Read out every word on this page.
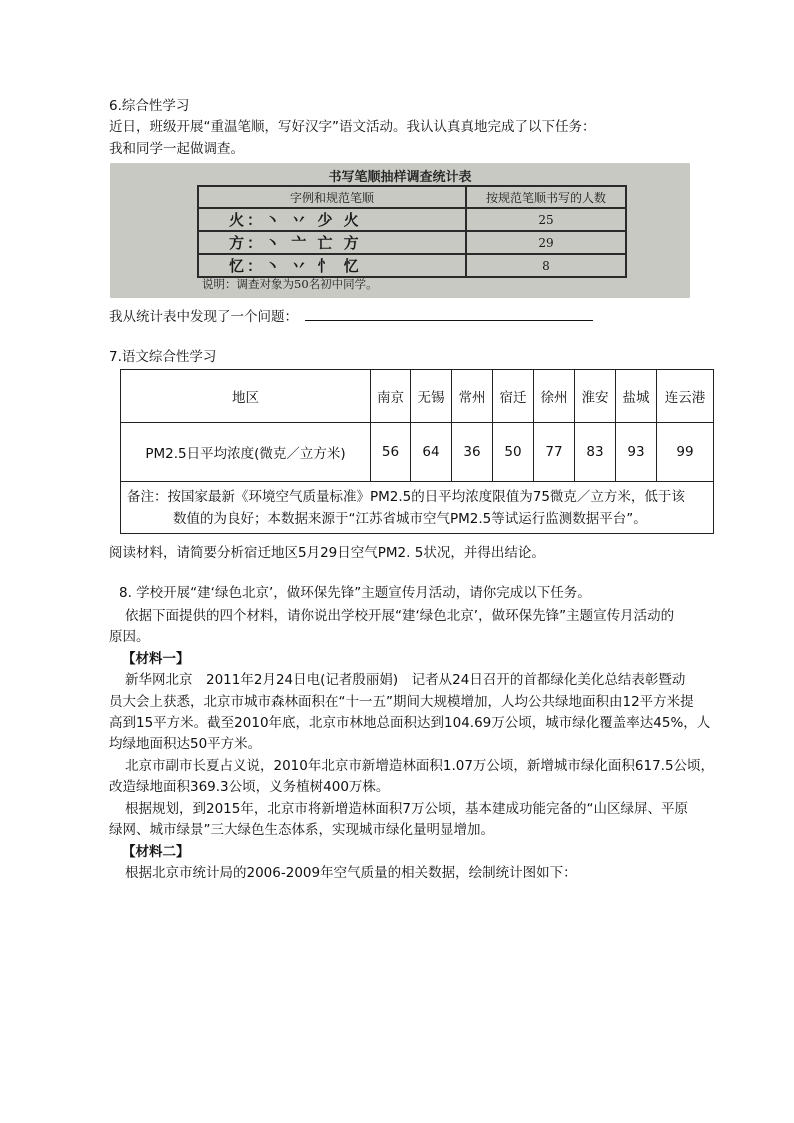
6.综合性学习
近日，班级开展“重温笔顺，写好汉字”语文活动。我认认真真地完成了以下任务：
我和同学一起做调查。
书写笔顺抽样调查统计表
字例和规范笔顺	按规范笔顺书写的人数
火：丶 丷 少 火	25
方：丶 亠 亡 方	29
忆：丶 丷 忄 忆	8
说明：调查对象为50名初中同学。
我从统计表中发现了一个问题：
7.语文综合性学习
地区	南京	无锡	常州	宿迁	徐州	淮安	盐城	连云港
PM2.5日平均浓度(微克／立方米)	56	64	36	50	77	83	93	99

备注：按国家最新《环境空气质量标准》PM2.5的日平均浓度限值为75微克／立方米，低于该
数值的为良好；本数据来源于“江苏省城市空气PM2.5等试运行监测数据平台”。								
阅读材料，请简要分析宿迁地区5月29日空气PM2. 5状况，并得出结论。
8. 学校开展“建‘绿色北京’，做环保先锋”主题宣传月活动，请你完成以下任务。
依据下面提供的四个材料，请你说出学校开展“建‘绿色北京’，做环保先锋”主题宣传月活动的
原因。
【材料一】
新华网北京　2011年2月24日电(记者殷丽娟)　记者从24日召开的首都绿化美化总结表彰暨动
员大会上获悉，北京市城市森林面积在“十一五”期间大规模增加，人均公共绿地面积由12平方米提
高到15平方米。截至2010年底，北京市林地总面积达到104.69万公顷，城市绿化覆盖率达45%，人
均绿地面积达50平方米。
北京市副市长夏占义说，2010年北京市新增造林面积1.07万公顷，新增城市绿化面积617.5公顷，
改造绿地面积369.3公顷，义务植树400万株。
根据规划，到2015年，北京市将新增造林面积7万公顷，基本建成功能完备的“山区绿屏、平原
绿网、城市绿景”三大绿色生态体系，实现城市绿化量明显增加。
【材料二】
根据北京市统计局的2006-2009年空气质量的相关数据，绘制统计图如下：
